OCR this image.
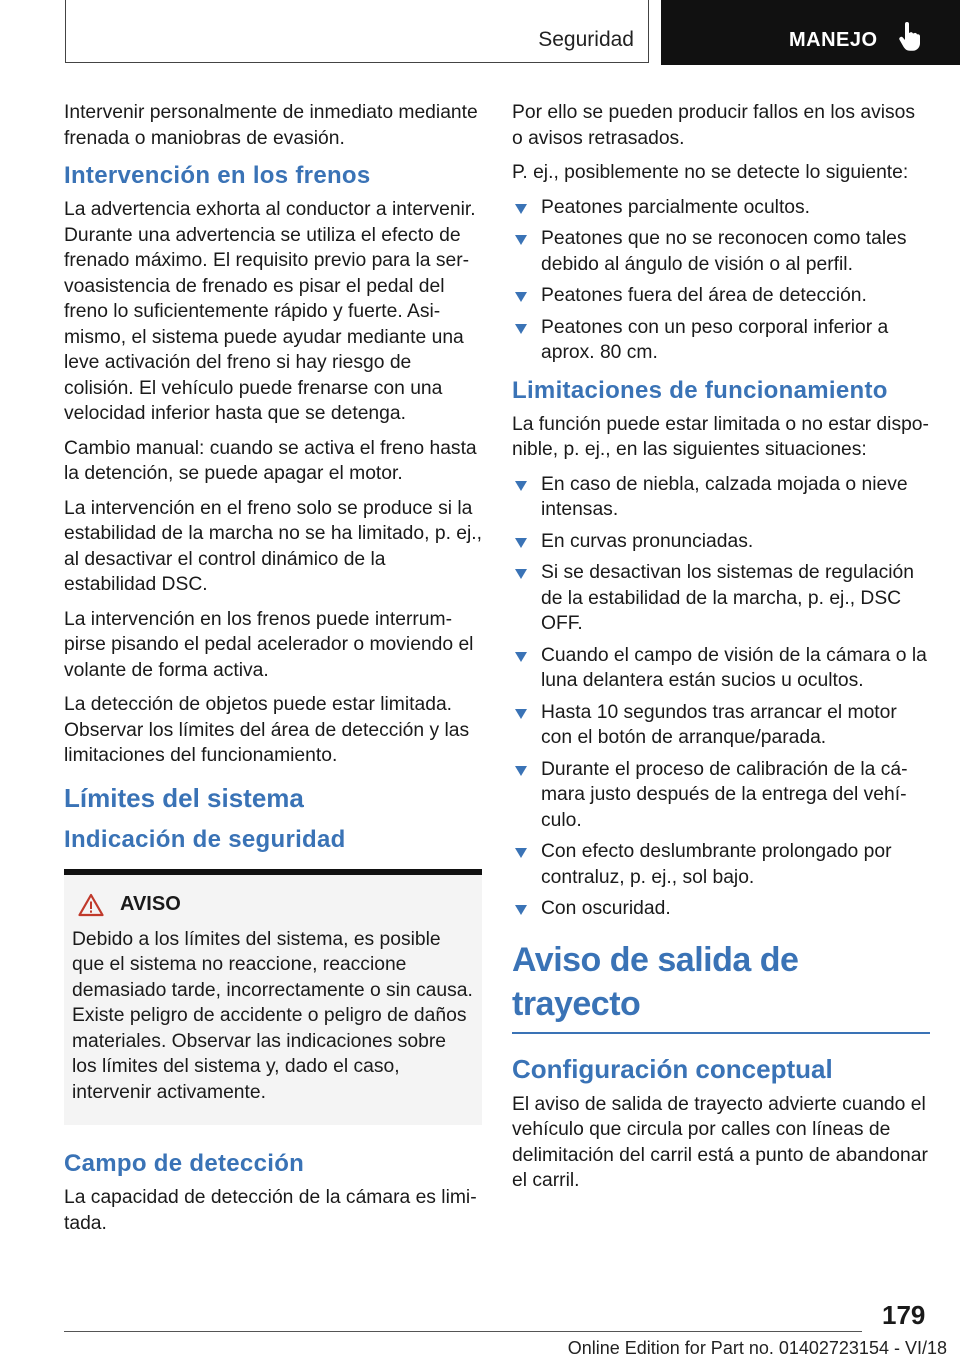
Seguridad	MANEJO

Intervenir personalmente de inmediato mediante frenada o maniobras de evasión.

Intervención en los frenos

La advertencia exhorta al conductor a intervenir. Durante una advertencia se utiliza el efecto de frenado máximo. El requisito previo para la servoasistencia de frenado es pisar el pedal del freno lo suficientemente rápido y fuerte. Asimismo, el sistema puede ayudar mediante una leve activación del freno si hay riesgo de colisión. El vehículo puede frenarse con una velocidad inferior hasta que se detenga.

Cambio manual: cuando se activa el freno hasta la detención, se puede apagar el motor.

La intervención en el freno solo se produce si la estabilidad de la marcha no se ha limitado, p. ej., al desactivar el control dinámico de la estabilidad DSC.

La intervención en los frenos puede interrumpirse pisando el pedal acelerador o moviendo el volante de forma activa.

La detección de objetos puede estar limitada. Observar los límites del área de detección y las limitaciones del funcionamiento.

Límites del sistema
Indicación de seguridad
AVISO

Debido a los límites del sistema, es posible que el sistema no reaccione, reaccione demasiado tarde, incorrectamente o sin causa. Existe peligro de accidente o peligro de daños materiales. Observar las indicaciones sobre los límites del sistema y, dado el caso, intervenir activamente.

Campo de detección

La capacidad de detección de la cámara es limitada.

Por ello se pueden producir fallos en los avisos o avisos retrasados.

P. ej., posiblemente no se detecte lo siguiente:

Peatones parcialmente ocultos.
Peatones que no se reconocen como tales debido al ángulo de visión o al perfil.
Peatones fuera del área de detección.
Peatones con un peso corporal inferior a aprox. 80 cm.
Limitaciones de funcionamiento

La función puede estar limitada o no estar disponible, p. ej., en las siguientes situaciones:

En caso de niebla, calzada mojada o nieve intensas.
En curvas pronunciadas.
Si se desactivan los sistemas de regulación de la estabilidad de la marcha, p. ej., DSC OFF.
Cuando el campo de visión de la cámara o la luna delantera están sucios u ocultos.
Hasta 10 segundos tras arrancar el motor con el botón de arranque/parada.
Durante el proceso de calibración de la cámara justo después de la entrega del vehículo.
Con efecto deslumbrante prolongado por contraluz, p. ej., sol bajo.
Con oscuridad.
Aviso de salida de trayecto
Configuración conceptual

El aviso de salida de trayecto advierte cuando el vehículo que circula por calles con líneas de delimitación del carril está a punto de abandonar el carril.

179
Online Edition for Part no. 01402723154 - VI/18
